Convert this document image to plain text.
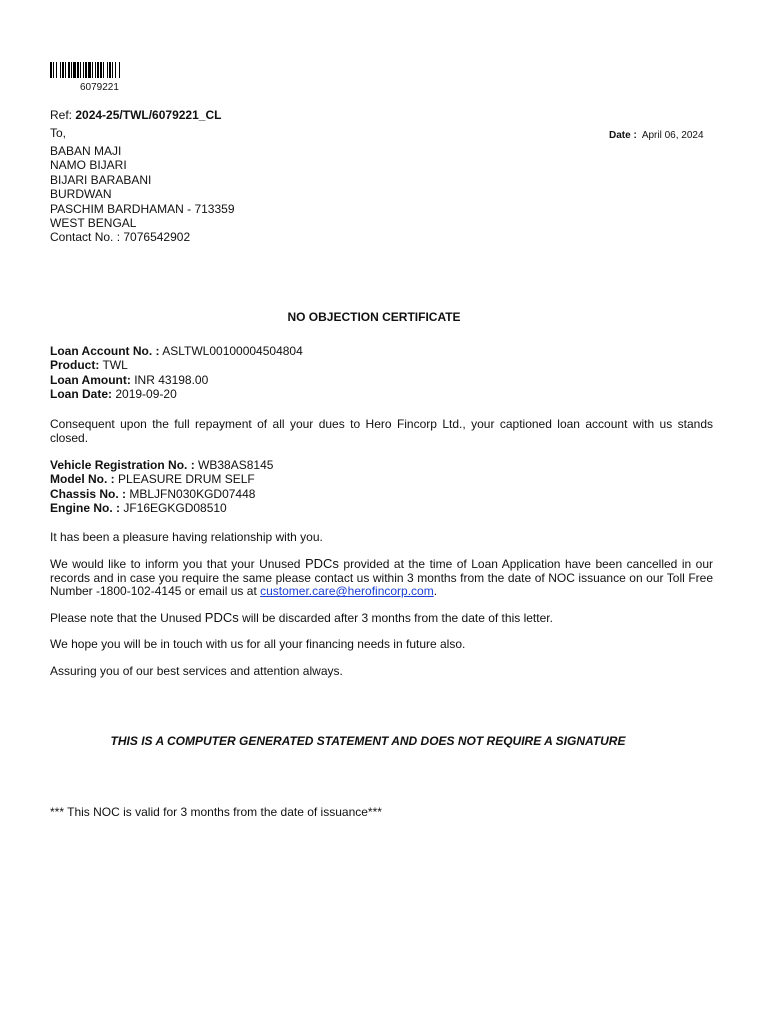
6079221
Ref: 2024-25/TWL/6079221_CL
To,	Date : April 06, 2024
BABAN MAJI
NAMO BIJARI
BIJARI BARABANI
BURDWAN
PASCHIM BARDHAMAN - 713359
WEST BENGAL
Contact No. : 7076542902
NO OBJECTION CERTIFICATE
Loan Account No. : ASLTWL00100004504804
Product: TWL
Loan Amount: INR 43198.00
Loan Date: 2019-09-20
Consequent upon the full repayment of all your dues to Hero Fincorp Ltd., your captioned loan account with us stands closed.
Vehicle Registration No. : WB38AS8145
Model No. : PLEASURE DRUM SELF
Chassis No. : MBLJFN030KGD07448
Engine No. : JF16EGKGD08510
It has been a pleasure having relationship with you.
We would like to inform you that your Unused PDCs provided at the time of Loan Application have been cancelled in our records and in case you require the same please contact us within 3 months from the date of NOC issuance on our Toll Free Number -1800-102-4145 or email us at customer.care@herofincorp.com.
Please note that the Unused PDCs will be discarded after 3 months from the date of this letter.
We hope you will be in touch with us for all your financing needs in future also.
Assuring you of our best services and attention always.
THIS IS A COMPUTER GENERATED STATEMENT AND DOES NOT REQUIRE A SIGNATURE
*** This NOC is valid for 3 months from the date of issuance***
